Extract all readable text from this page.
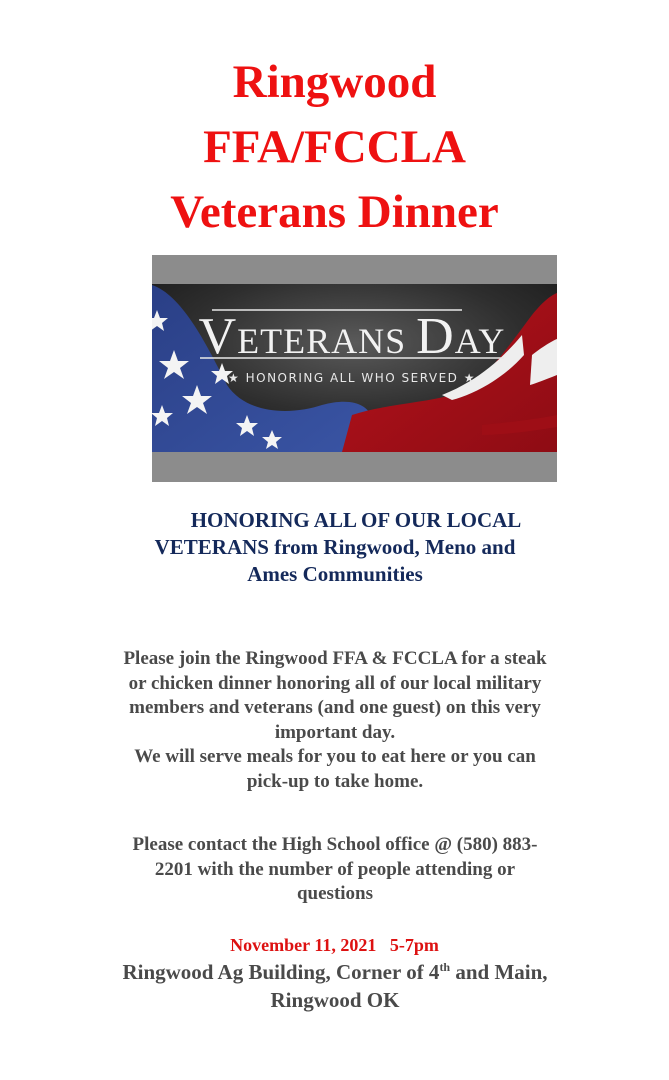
Ringwood
FFA/FCCLA
Veterans Dinner
VETERANS DAY
★ HONORING ALL WHO SERVED ★
HONORING ALL OF OUR LOCAL
VETERANS from Ringwood, Meno and
Ames Communities
Please join the Ringwood FFA & FCCLA for a steak
or chicken dinner honoring all of our local military
members and veterans (and one guest) on this very
important day.
We will serve meals for you to eat here or you can
pick-up to take home.
Please contact the High School office @ (580) 883-
2201 with the number of people attending or
questions
November 11, 2021   5-7pm
Ringwood Ag Building, Corner of 4th and Main,
Ringwood OK
